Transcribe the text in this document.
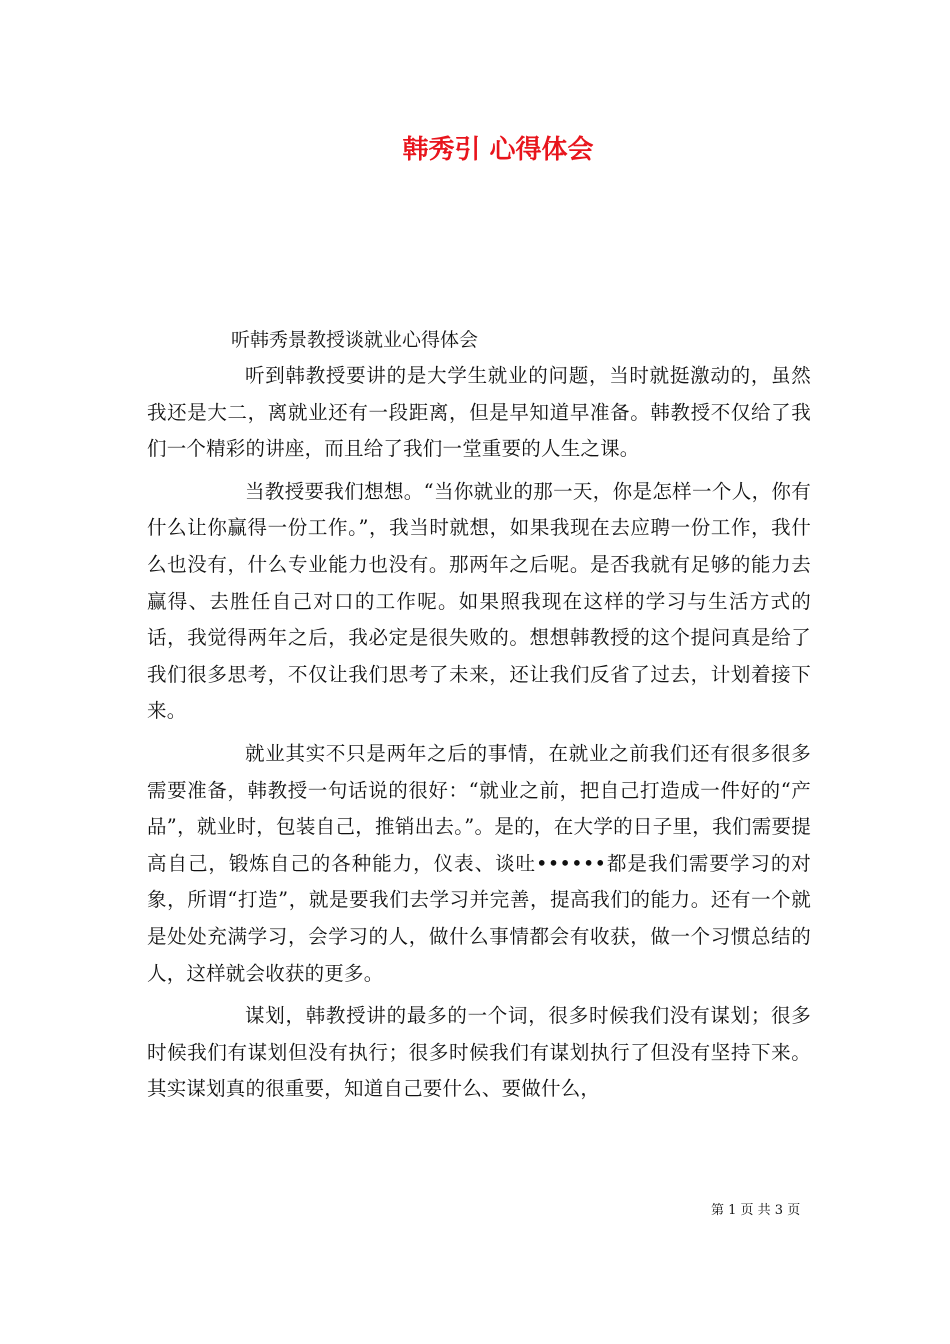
韩秀引 心得体会

听韩秀景教授谈就业心得体会

听到韩教授要讲的是大学生就业的问题，当时就挺激动的，虽然我还是大二，离就业还有一段距离，但是早知道早准备。韩教授不仅给了我们一个精彩的讲座，而且给了我们一堂重要的人生之课。

当教授要我们想想。“当你就业的那一天，你是怎样一个人，你有什么让你赢得一份工作。”，我当时就想，如果我现在去应聘一份工作，我什么也没有，什么专业能力也没有。那两年之后呢。是否我就有足够的能力去赢得、去胜任自己对口的工作呢。如果照我现在这样的学习与生活方式的话，我觉得两年之后，我必定是很失败的。想想韩教授的这个提问真是给了我们很多思考，不仅让我们思考了未来，还让我们反省了过去，计划着接下来。

就业其实不只是两年之后的事情，在就业之前我们还有很多很多需要准备，韩教授一句话说的很好：“就业之前，把自己打造成一件好的“产品”，就业时，包装自己，推销出去。”。是的，在大学的日子里，我们需要提高自己，锻炼自己的各种能力，仪表、谈吐••••••都是我们需要学习的对象，所谓“打造”，就是要我们去学习并完善，提高我们的能力。还有一个就是处处充满学习，会学习的人，做什么事情都会有收获，做一个习惯总结的人，这样就会收获的更多。

谋划，韩教授讲的最多的一个词，很多时候我们没有谋划；很多时候我们有谋划但没有执行；很多时候我们有谋划执行了但没有坚持下来。其实谋划真的很重要，知道自己要什么、要做什么，

第 1 页 共 3 页
